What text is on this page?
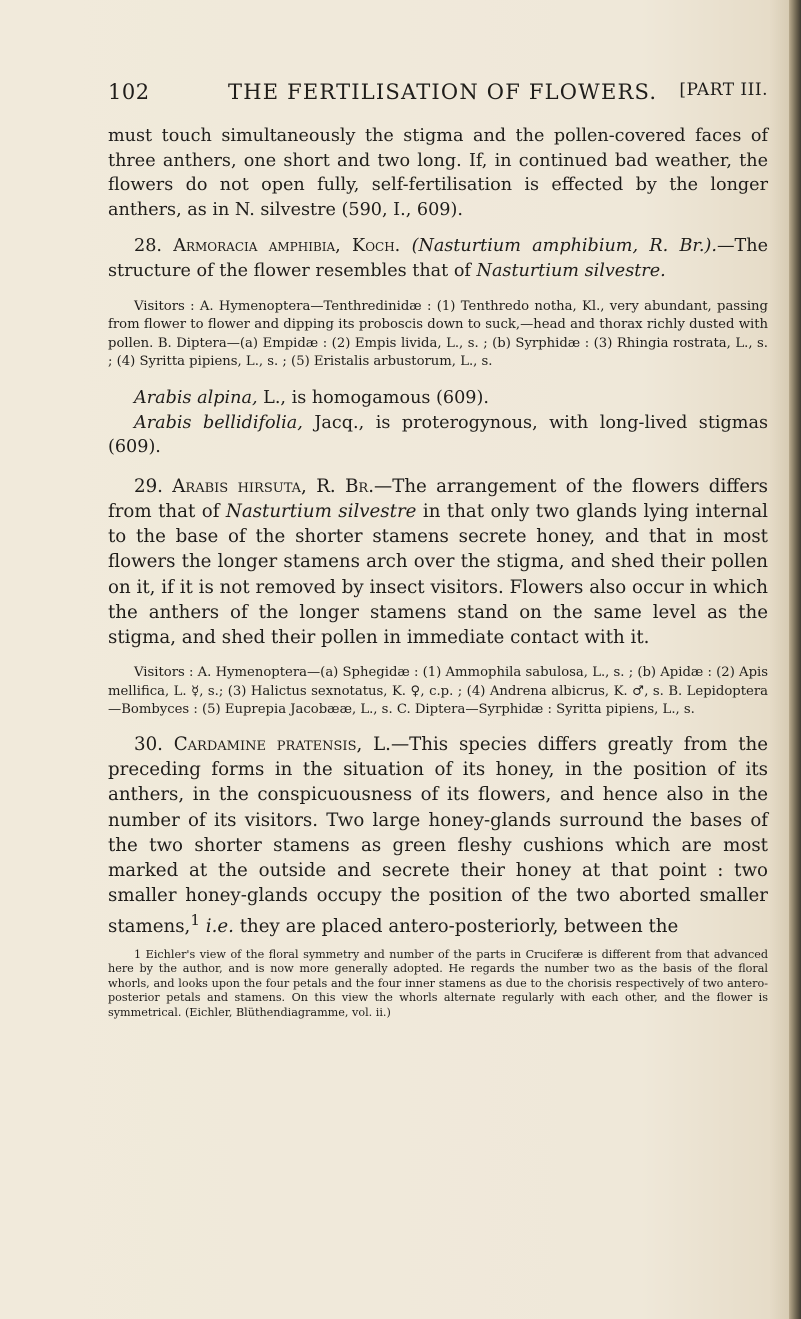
102	THE FERTILISATION OF FLOWERS. [PART III.

must touch simultaneously the stigma and the pollen-covered faces of three anthers, one short and two long. If, in continued bad weather, the flowers do not open fully, self-fertilisation is effected by the longer anthers, as in N. silvestre (590, I., 609).

28. Armoracia amphibia, Koch. (Nasturtium amphibium, R. Br.).—The structure of the flower resembles that of Nasturtium silvestre.

Visitors : A. Hymenoptera—Tenthredinidæ : (1) Tenthredo notha, Kl., very abundant, passing from flower to flower and dipping its proboscis down to suck,—head and thorax richly dusted with pollen. B. Diptera—(a) Empidæ : (2) Empis livida, L., s. ; (b) Syrphidæ : (3) Rhingia rostrata, L., s. ; (4) Syritta pipiens, L., s. ; (5) Eristalis arbustorum, L., s.

Arabis alpina, L., is homogamous (609).

Arabis bellidifolia, Jacq., is proterogynous, with long-lived stigmas (609).

29. Arabis hirsuta, R. Br.—The arrangement of the flowers differs from that of Nasturtium silvestre in that only two glands lying internal to the base of the shorter stamens secrete honey, and that in most flowers the longer stamens arch over the stigma, and shed their pollen on it, if it is not removed by insect visitors. Flowers also occur in which the anthers of the longer stamens stand on the same level as the stigma, and shed their pollen in immediate contact with it.

Visitors : A. Hymenoptera—(a) Sphegidæ : (1) Ammophila sabulosa, L., s. ; (b) Apidæ : (2) Apis mellifica, L. ☿, s.; (3) Halictus sexnotatus, K. ♀, c.p. ; (4) Andrena albicrus, K. ♂, s. B. Lepidoptera—Bombyces : (5) Euprepia Jacobææ, L., s. C. Diptera—Syrphidæ : Syritta pipiens, L., s.

30. Cardamine pratensis, L.—This species differs greatly from the preceding forms in the situation of its honey, in the position of its anthers, in the conspicuousness of its flowers, and hence also in the number of its visitors. Two large honey-glands surround the bases of the two shorter stamens as green fleshy cushions which are most marked at the outside and secrete their honey at that point : two smaller honey-glands occupy the position of the two aborted smaller stamens,$^1$ i.e. they are placed antero-posteriorly, between the

1 Eichler's view of the floral symmetry and number of the parts in Cruciferæ is different from that advanced here by the author, and is now more generally adopted. He regards the number two as the basis of the floral whorls, and looks upon the four petals and the four inner stamens as due to the chorisis respectively of two antero-posterior petals and stamens. On this view the whorls alternate regularly with each other, and the flower is symmetrical. (Eichler, Blüthendiagramme, vol. ii.)
